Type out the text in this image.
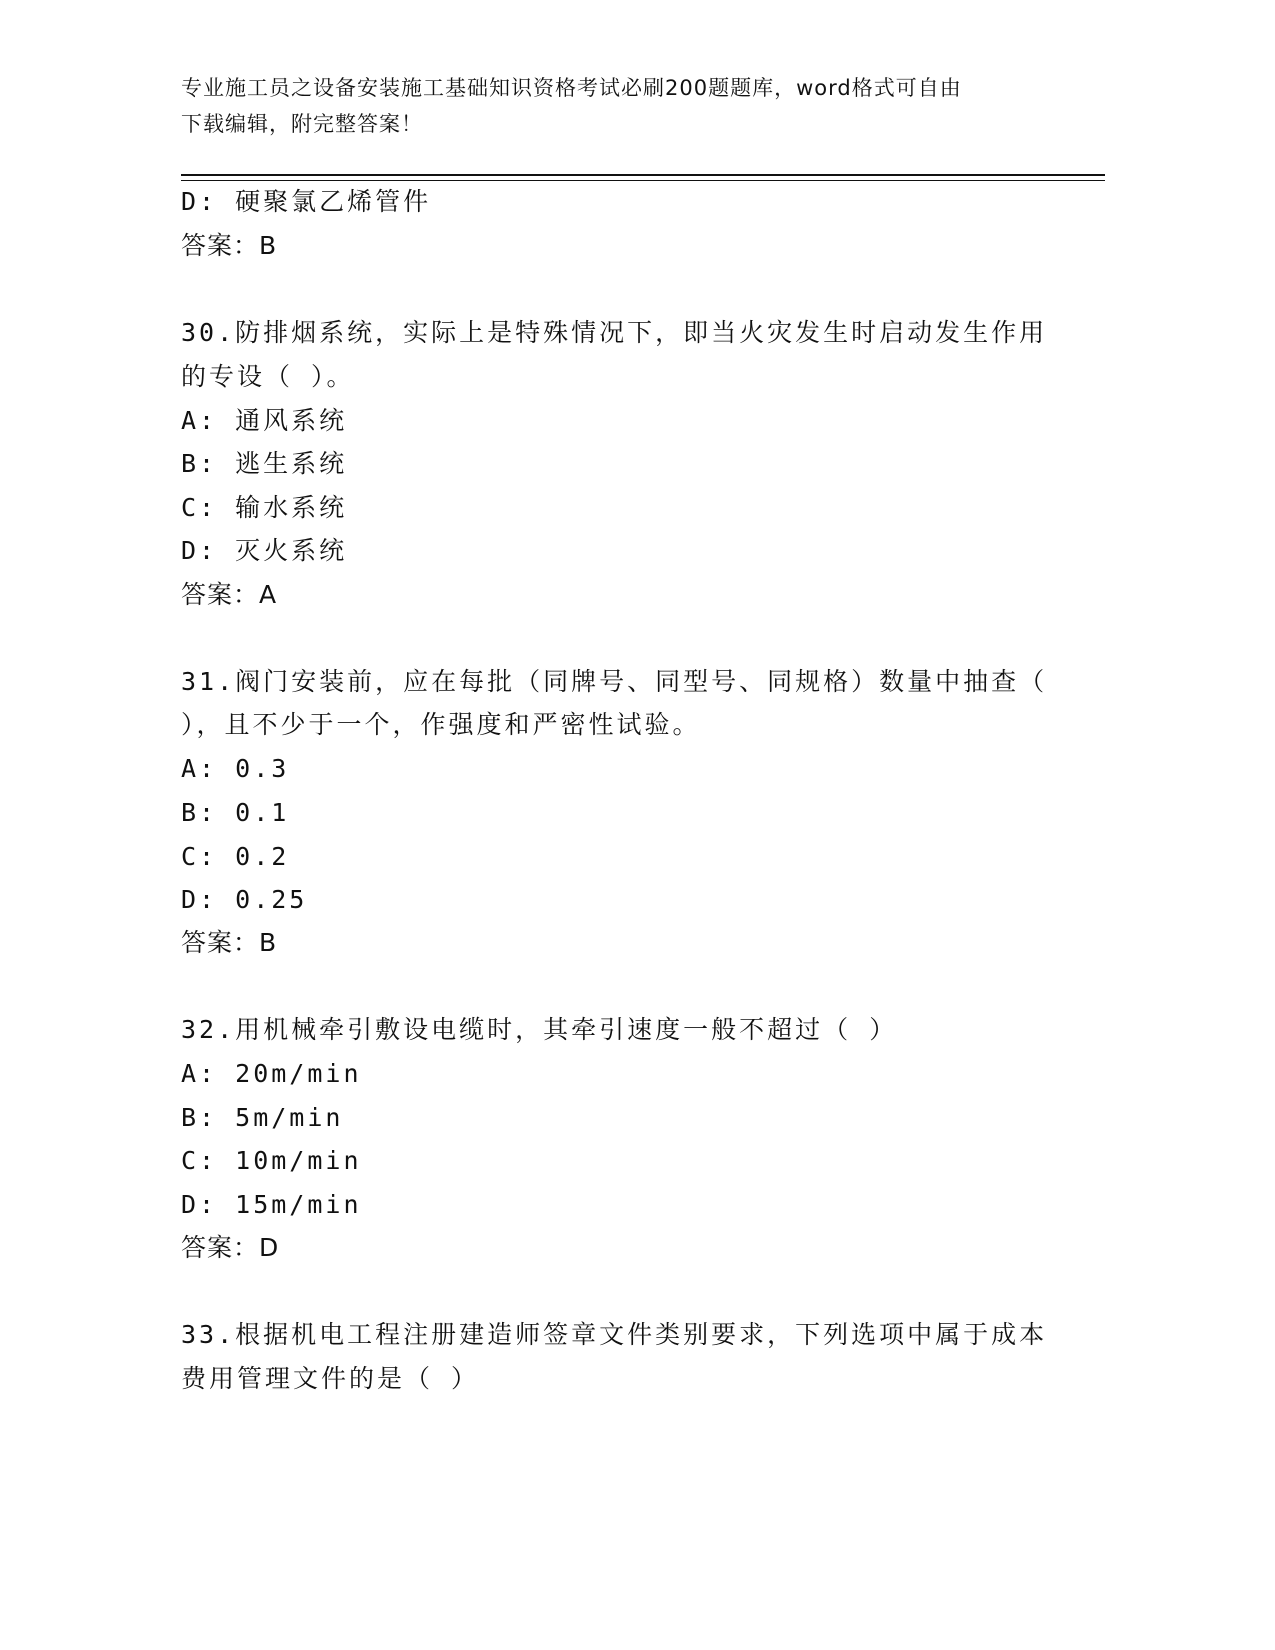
专业施工员之设备安装施工基础知识资格考试必刷200题题库，word格式可自由
下载编辑，附完整答案！
D: 硬聚氯乙烯管件
答案：B
30.防排烟系统，实际上是特殊情况下，即当火灾发生时启动发生作用
的专设（ ）。
A: 通风系统
B: 逃生系统
C: 输水系统
D: 灭火系统
答案：A
31.阀门安装前，应在每批（同牌号、同型号、同规格）数量中抽查（
），且不少于一个，作强度和严密性试验。
A: 0.3
B: 0.1
C: 0.2
D: 0.25
答案：B
32.用机械牵引敷设电缆时，其牵引速度一般不超过（ ）
A: 20m/min
B: 5m/min
C: 10m/min
D: 15m/min
答案：D
33.根据机电工程注册建造师签章文件类别要求，下列选项中属于成本
费用管理文件的是（ ）
